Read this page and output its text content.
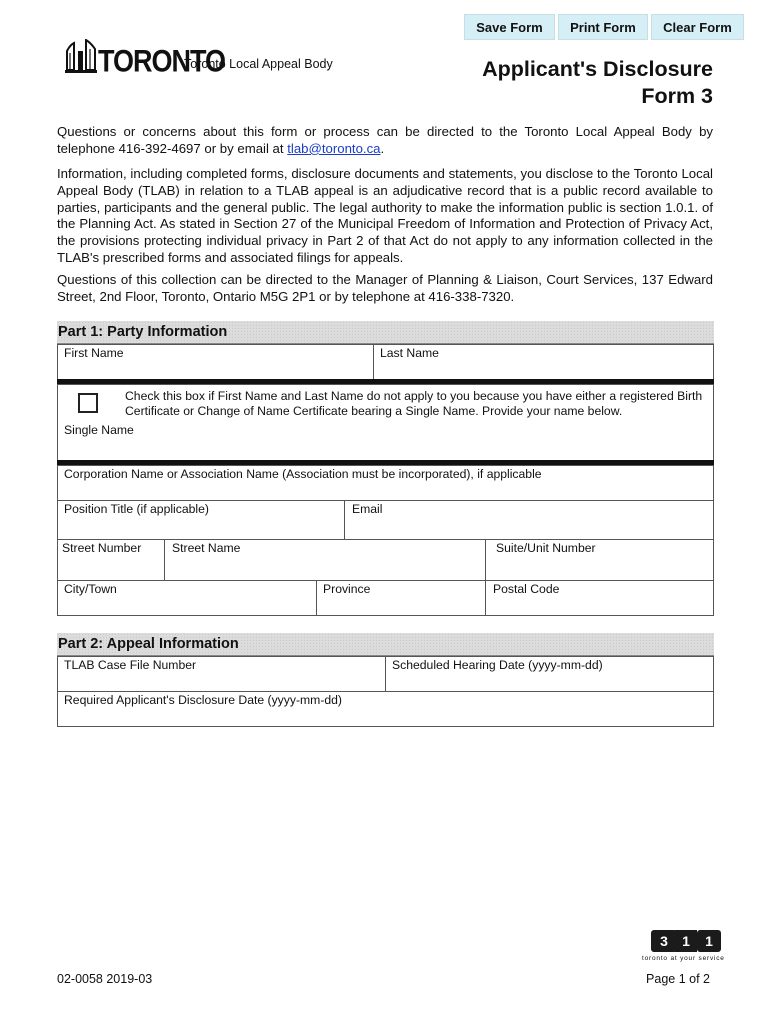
Save Form	Print Form	Clear Form
TORONTO
Toronto Local Appeal Body	Applicant's Disclosure
Form 3
Questions or concerns about this form or process can be directed to the Toronto Local Appeal Body by telephone 416-392-4697 or by email at tlab@toronto.ca.
Information, including completed forms, disclosure documents and statements, you disclose to the Toronto Local Appeal Body (TLAB) in relation to a TLAB appeal is an adjudicative record that is a public record available to parties, participants and the general public. The legal authority to make the information public is section 1.0.1. of the Planning Act. As stated in Section 27 of the Municipal Freedom of Information and Protection of Privacy Act, the provisions protecting individual privacy in Part 2 of that Act do not apply to any information collected in the TLAB's prescribed forms and associated filings for appeals.
Questions of this collection can be directed to the Manager of Planning & Liaison, Court Services, 137 Edward Street, 2nd Floor, Toronto, Ontario M5G 2P1 or by telephone at 416-338-7320.
Part 1: Party Information
First Name	Last Name
Check this box if First Name and Last Name do not apply to you because you have either a registered Birth Certificate or Change of Name Certificate bearing a Single Name. Provide your name below.
Single Name
Corporation Name or Association Name (Association must be incorporated), if applicable
Position Title (if applicable)	Email
Street Number	Street Name	Suite/Unit Number
City/Town	Province	Postal Code
Part 2: Appeal Information
TLAB Case File Number	Scheduled Hearing Date (yyyy-mm-dd)
Required Applicant's Disclosure Date (yyyy-mm-dd)
3	1	1
toronto at your service
02-0058 2019-03	Page 1 of 2
